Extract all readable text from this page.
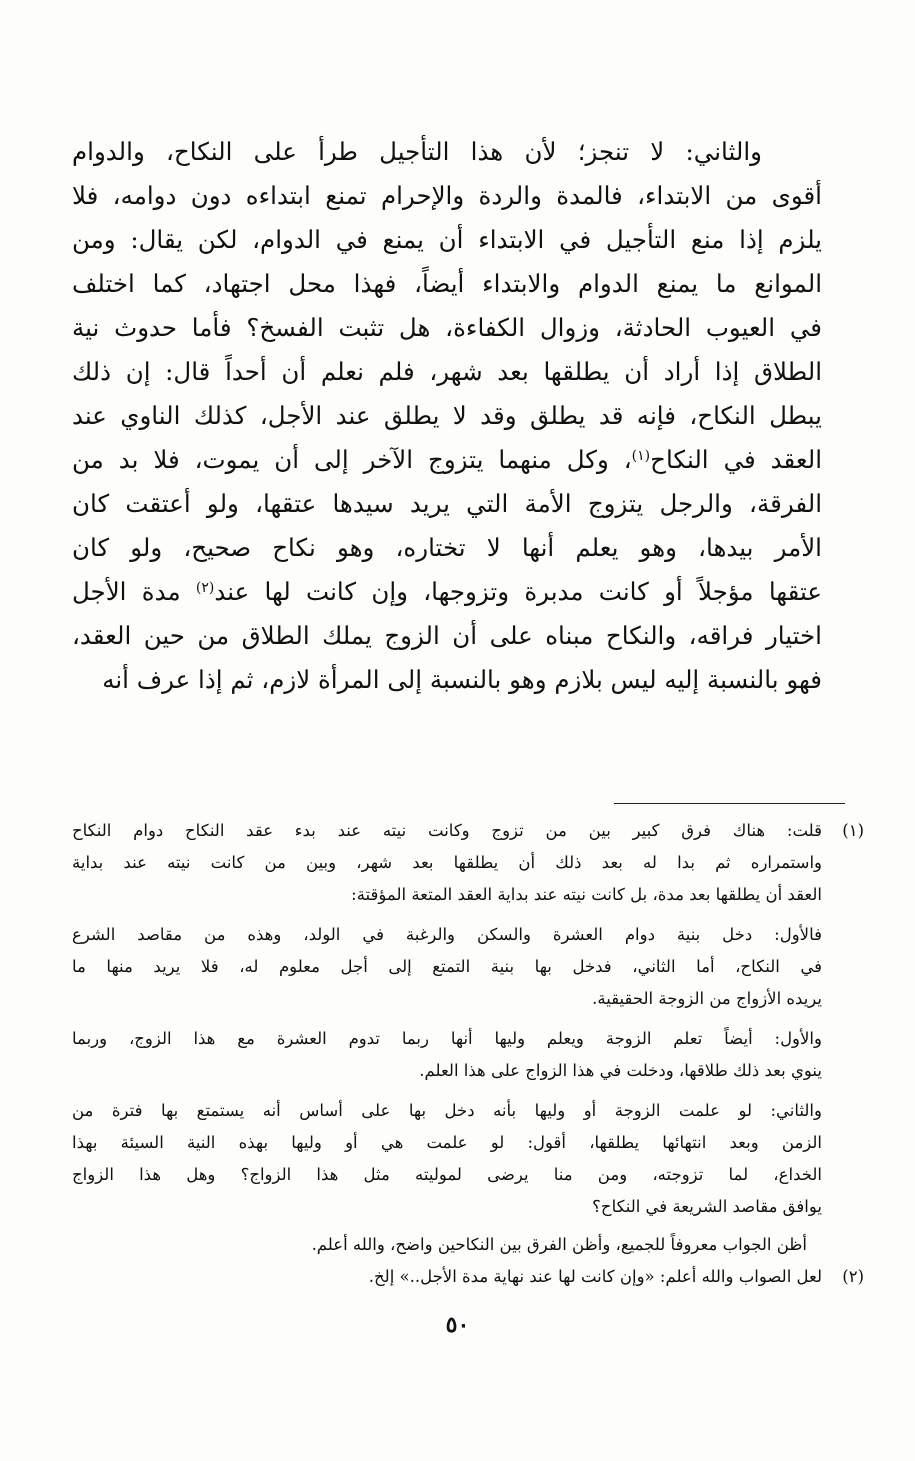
والثاني: لا تنجز؛ لأن هذا التأجيل طرأ على النكاح، والدوام
أقوى من الابتداء، فالمدة والردة والإحرام تمنع ابتداءه دون دوامه، فلا
يلزم إذا منع التأجيل في الابتداء أن يمنع في الدوام، لكن يقال: ومن
الموانع ما يمنع الدوام والابتداء أيضاً، فهذا محل اجتهاد، كما اختلف
في العيوب الحادثة، وزوال الكفاءة، هل تثبت الفسخ؟ فأما حدوث نية
الطلاق إذا أراد أن يطلقها بعد شهر، فلم نعلم أن أحداً قال: إن ذلك
يبطل النكاح، فإنه قد يطلق وقد لا يطلق عند الأجل، كذلك الناوي عند
العقد في النكاح$^{(١)}$، وكل منهما يتزوج الآخر إلى أن يموت، فلا بد من
الفرقة، والرجل يتزوج الأمة التي يريد سيدها عتقها، ولو أعتقت كان
الأمر بيدها، وهو يعلم أنها لا تختاره، وهو نكاح صحيح، ولو كان
عتقها مؤجلاً أو كانت مدبرة وتزوجها، وإن كانت لها عند$^{(٢)}$ مدة الأجل
اختيار فراقه، والنكاح مبناه على أن الزوج يملك الطلاق من حين العقد،
فهو بالنسبة إليه ليس بلازم وهو بالنسبة إلى المرأة لازم، ثم إذا عرف أنه
(١)
قلت: هناك فرق كبير بين من تزوج وكانت نيته عند بدء عقد النكاح دوام النكاح
واستمراره ثم بدا له بعد ذلك أن يطلقها بعد شهر، وبين من كانت نيته عند بداية
العقد أن يطلقها بعد مدة، بل كانت نيته عند بداية العقد المتعة المؤقتة:
فالأول: دخل بنية دوام العشرة والسكن والرغبة في الولد، وهذه من مقاصد الشرع
في النكاح، أما الثاني، فدخل بها بنية التمتع إلى أجل معلوم له، فلا يريد منها ما
يريده الأزواج من الزوجة الحقيقية.
والأول: أيضاً تعلم الزوجة ويعلم وليها أنها ربما تدوم العشرة مع هذا الزوج، وربما
ينوي بعد ذلك طلاقها، ودخلت في هذا الزواج على هذا العلم.
والثاني: لو علمت الزوجة أو وليها بأنه دخل بها على أساس أنه يستمتع بها فترة من
الزمن وبعد انتهائها يطلقها، أقول: لو علمت هي أو وليها بهذه النية السيئة بهذا
الخداع، لما تزوجته، ومن منا يرضى لموليته مثل هذا الزواج؟ وهل هذا الزواج
يوافق مقاصد الشريعة في النكاح؟
أظن الجواب معروفاً للجميع، وأظن الفرق بين النكاحين واضح، والله أعلم.
(٢)
لعل الصواب والله أعلم: «وإن كانت لها عند نهاية مدة الأجل..» إلخ.
٥٠
